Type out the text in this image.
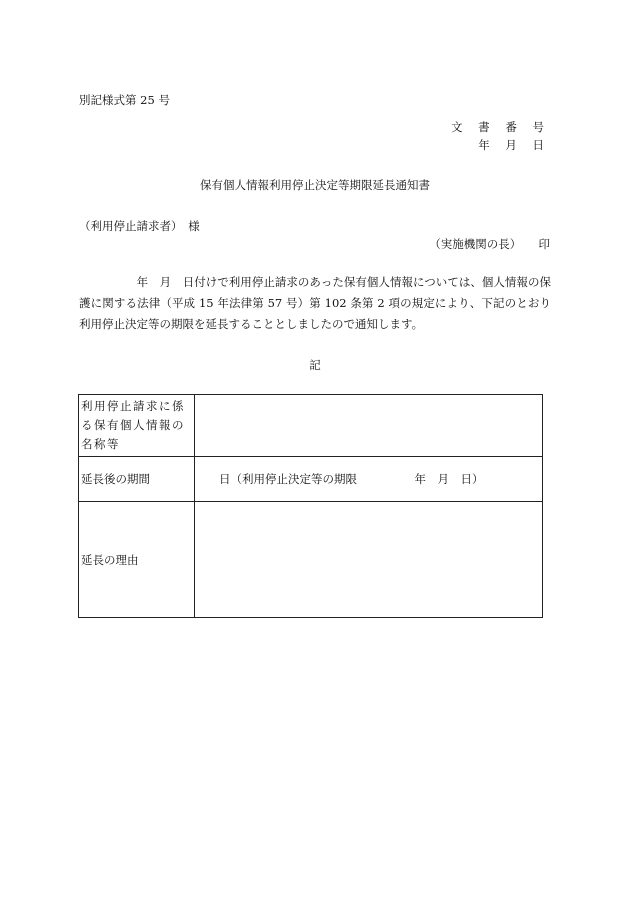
別記様式第 25 号
文 書 番 号
年 月 日
保有個人情報利用停止決定等期限延長通知書
（利用停止請求者）　様
（実施機関の長）　　印
　　　　　年　月　日付けで利用停止請求のあった保有個人情報については、個人情報の保護に関する法律（平成 15 年法律第 57 号）第 102 条第 2 項の規定により、下記のとおり利用停止決定等の期限を延長することとしましたので通知します。
記
利用停止請求に係る保有個人情報の名称等	

延長後の期間	日（利用停止決定等の期限　　　　　年　月　日）
延長の理由	
